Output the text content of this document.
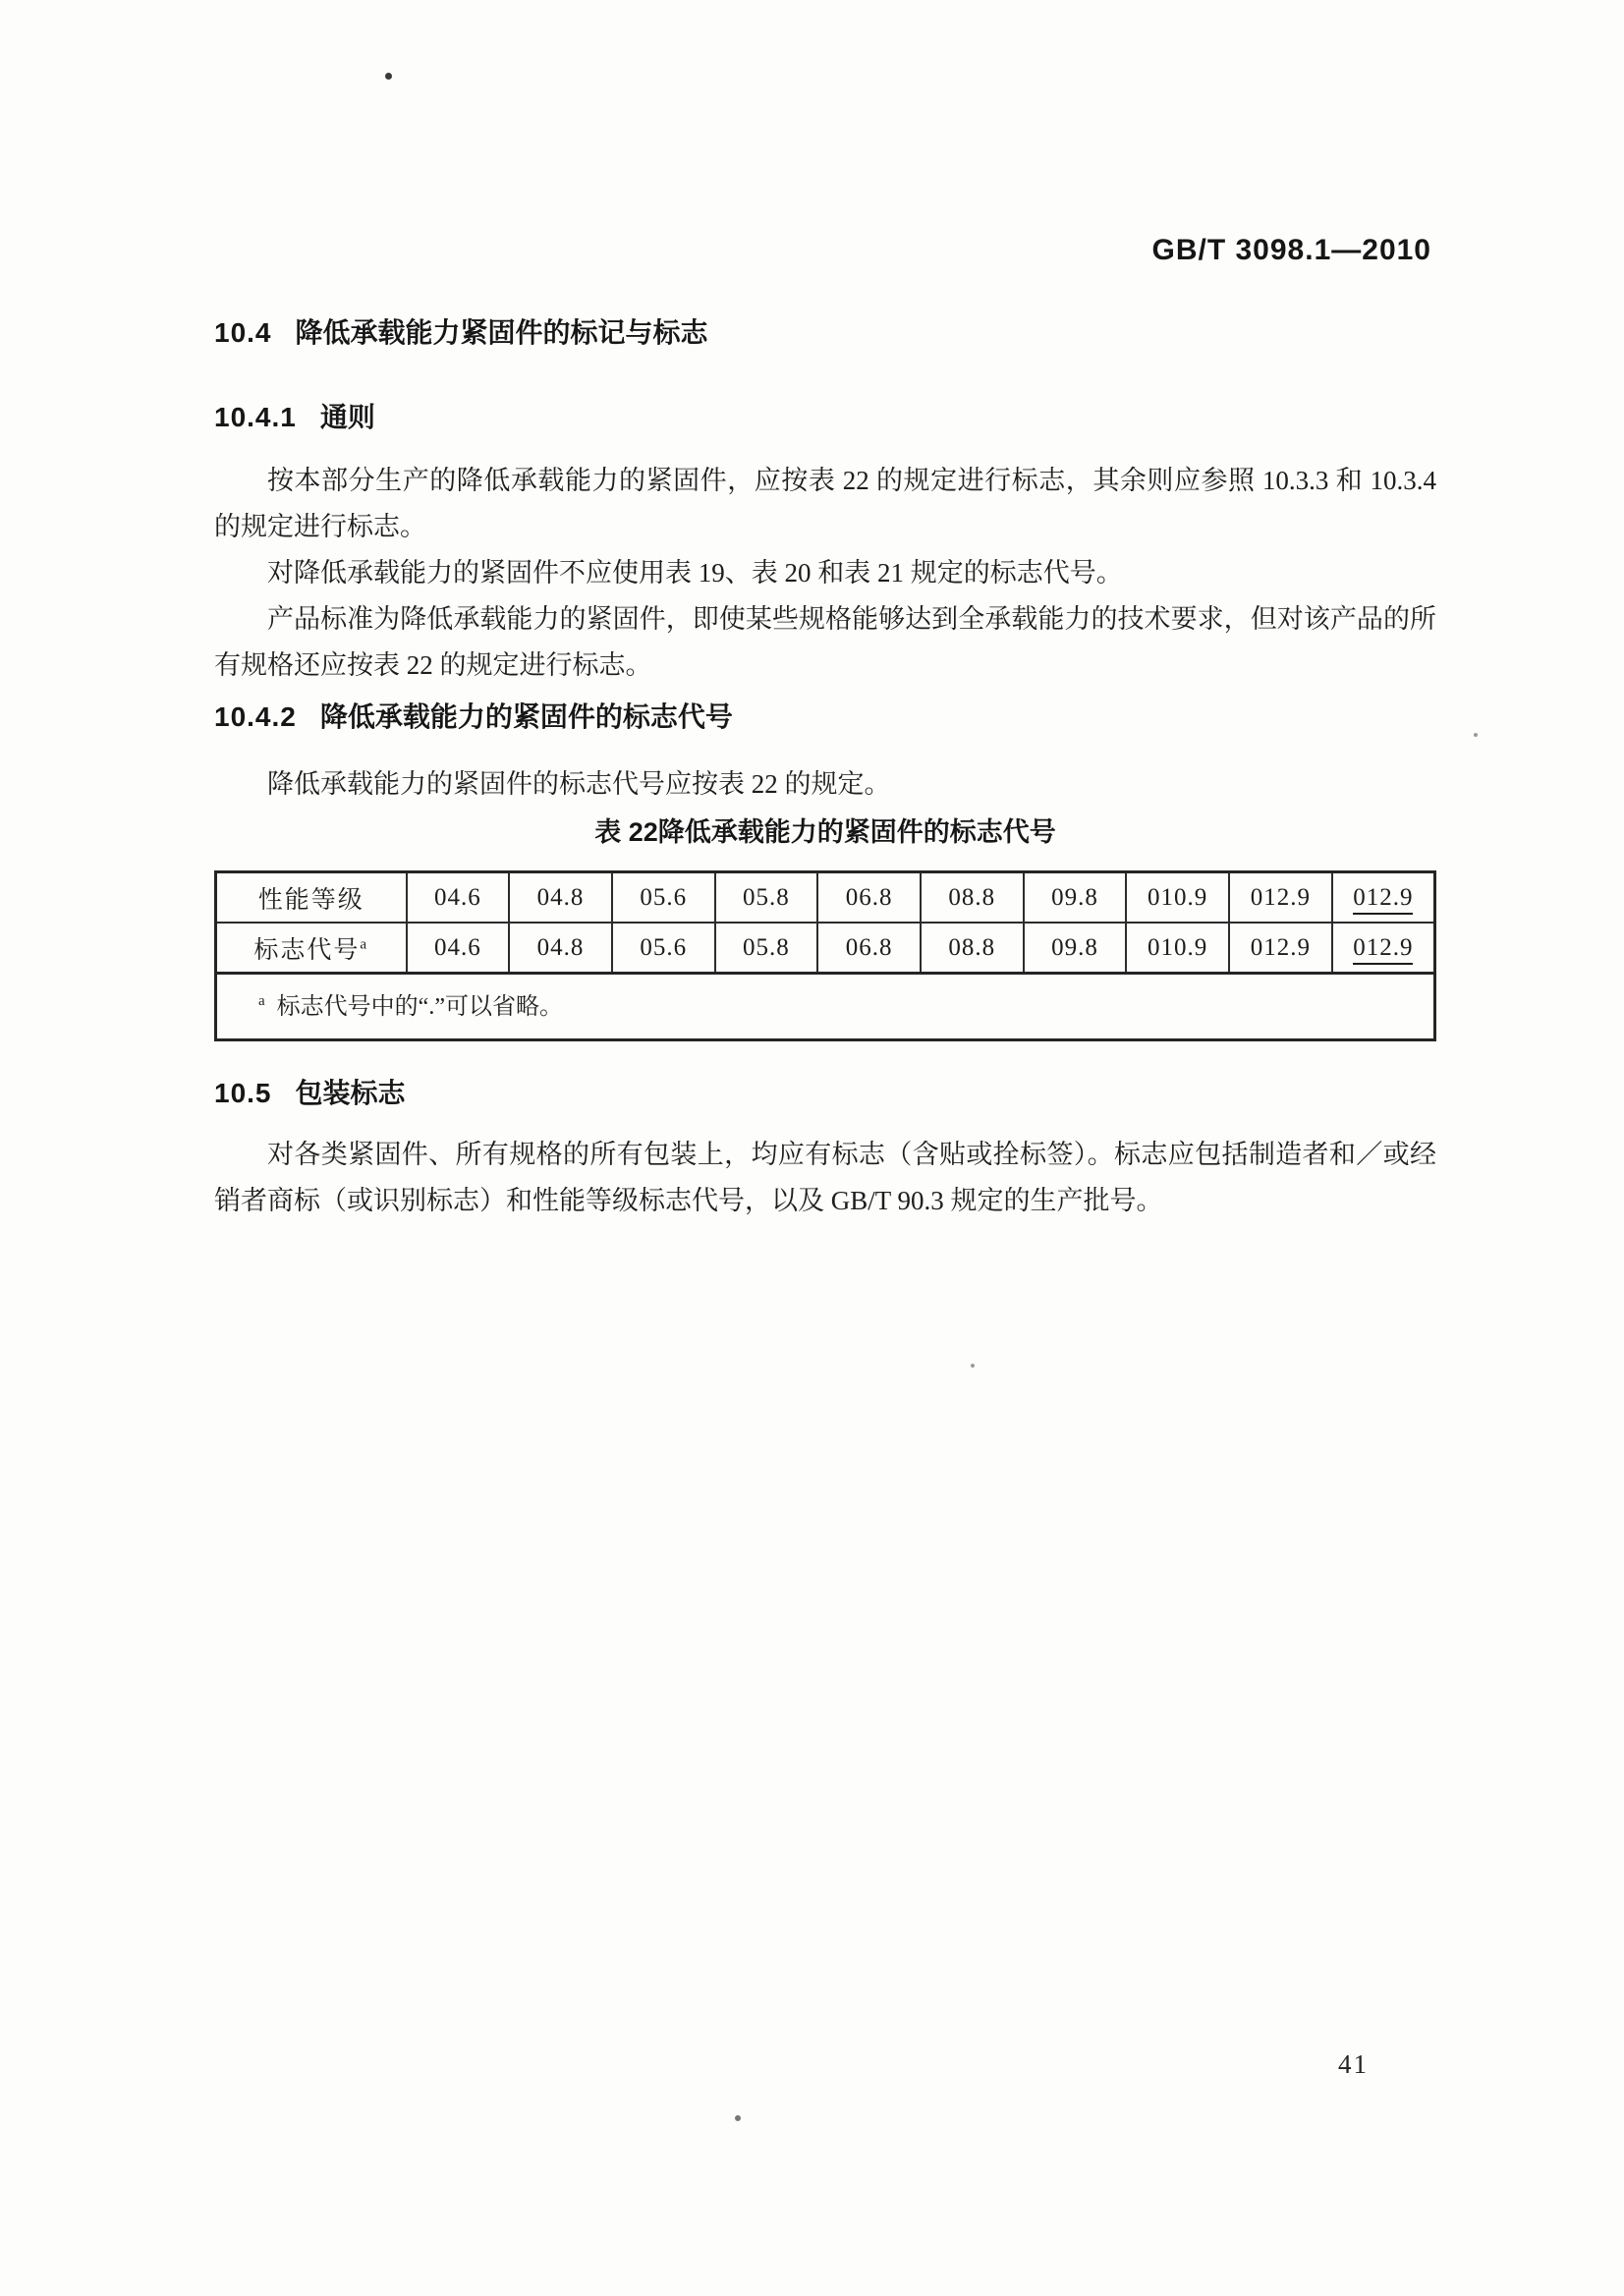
GB/T 3098.1—2010

10.4 降低承载能力紧固件的标记与标志

10.4.1 通则

按本部分生产的降低承载能力的紧固件，应按表 22 的规定进行标志，其余则应参照 10.3.3 和 10.3.4 的规定进行标志。

对降低承载能力的紧固件不应使用表 19、表 20 和表 21 规定的标志代号。

产品标准为降低承载能力的紧固件，即使某些规格能够达到全承载能力的技术要求，但对该产品的所有规格还应按表 22 的规定进行标志。

10.4.2 降低承载能力的紧固件的标志代号

降低承载能力的紧固件的标志代号应按表 22 的规定。

表 22降低承载能力的紧固件的标志代号

性能等级	04.6	04.8	05.6	05.8	06.8	08.8	09.8	010.9	012.9	012.9
标志代号$^a$	04.6	04.8	05.6	05.8	06.8	08.8	09.8	010.9	012.9	012.9
$^a$ 标志代号中的“.”可以省略。										

10.5 包装标志

对各类紧固件、所有规格的所有包装上，均应有标志（含贴或拴标签）。标志应包括制造者和／或经销者商标（或识别标志）和性能等级标志代号，以及 GB/T 90.3 规定的生产批号。

41
